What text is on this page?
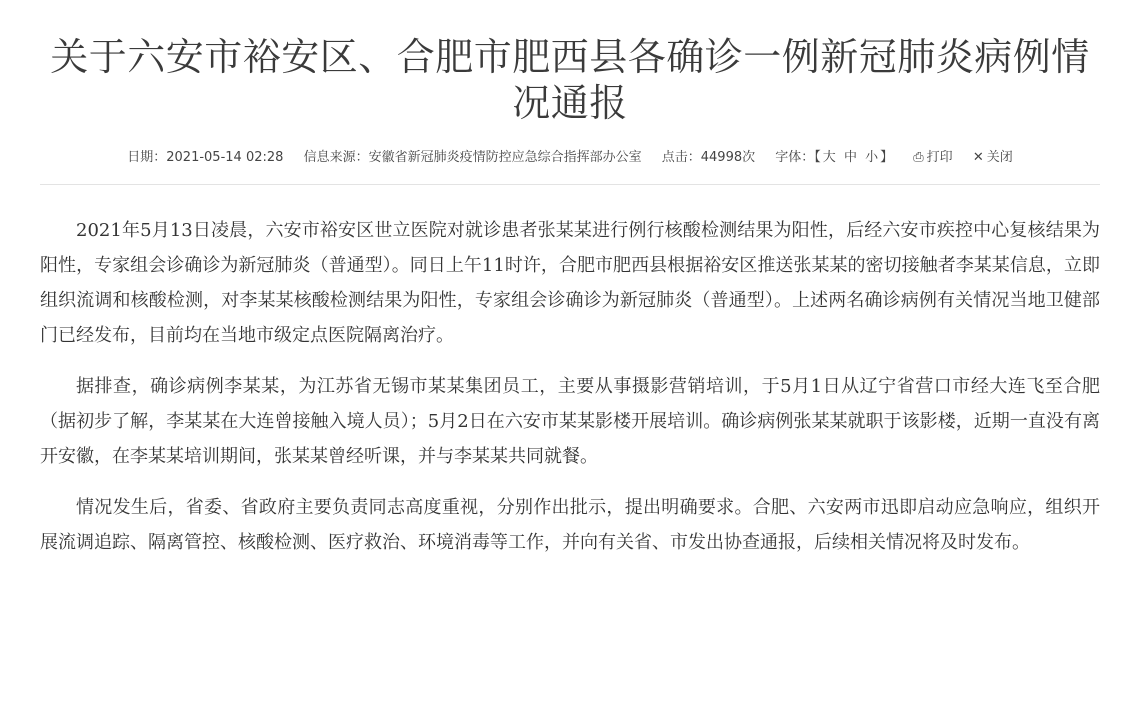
关于六安市裕安区、合肥市肥西县各确诊一例新冠肺炎病例情况通报
日期：2021-05-14 02:28 信息来源：安徽省新冠肺炎疫情防控应急综合指挥部办公室 点击：44998次 字体：【 大 中 小 】 ⎙ 打印 ✕ 关闭

2021年5月13日凌晨，六安市裕安区世立医院对就诊患者张某某进行例行核酸检测结果为阳性，后经六安市疾控中心复核结果为阳性，专家组会诊确诊为新冠肺炎（普通型）。同日上午11时许，合肥市肥西县根据裕安区推送张某某的密切接触者李某某信息，立即组织流调和核酸检测，对李某某核酸检测结果为阳性，专家组会诊确诊为新冠肺炎（普通型）。上述两名确诊病例有关情况当地卫健部门已经发布，目前均在当地市级定点医院隔离治疗。

据排查，确诊病例李某某，为江苏省无锡市某某集团员工，主要从事摄影营销培训，于5月1日从辽宁省营口市经大连飞至合肥（据初步了解，李某某在大连曾接触入境人员）；5月2日在六安市某某影楼开展培训。确诊病例张某某就职于该影楼，近期一直没有离开安徽，在李某某培训期间，张某某曾经听课，并与李某某共同就餐。

情况发生后，省委、省政府主要负责同志高度重视，分别作出批示，提出明确要求。合肥、六安两市迅即启动应急响应，组织开展流调追踪、隔离管控、核酸检测、医疗救治、环境消毒等工作，并向有关省、市发出协查通报，后续相关情况将及时发布。
